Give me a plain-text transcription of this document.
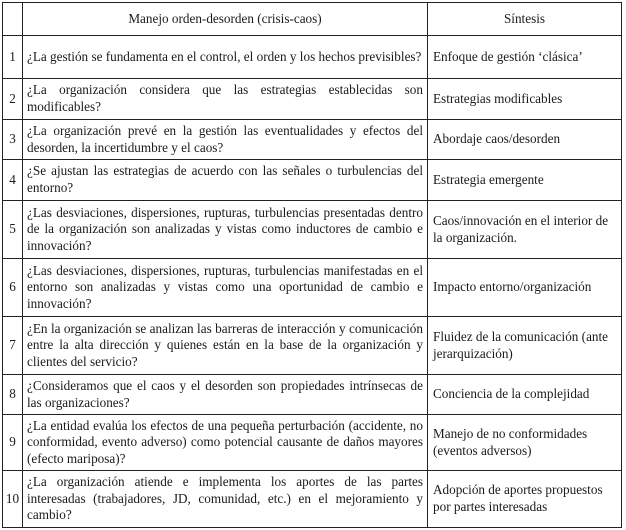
	Manejo orden-desorden (crisis-caos)	Síntesis
1	¿La gestión se fundamenta en el control, el orden y los hechos previsibles?	Enfoque de gestión ‘clásica’
2	¿La organización considera que las estrategias establecidas son modificables?	Estrategias modificables
3	¿La organización prevé en la gestión las eventualidades y efectos del desorden, la incertidumbre y el caos?	Abordaje caos/desorden
4	¿Se ajustan las estrategias de acuerdo con las señales o turbulencias del entorno?	Estrategia emergente
5	¿Las desviaciones, dispersiones, rupturas, turbulencias presentadas dentro de la organización son analizadas y vistas como inductores de cambio e innovación?	Caos/innovación en el interior de la organización.
6	¿Las desviaciones, dispersiones, rupturas, turbulencias manifestadas en el entorno son analizadas y vistas como una oportunidad de cambio e innovación?	Impacto entorno/organización
7	¿En la organización se analizan las barreras de interacción y comunicación entre la alta dirección y quienes están en la base de la organización y clientes del servicio?	Fluidez de la comunicación (ante jerarquización)
8	¿Consideramos que el caos y el desorden son propiedades intrínsecas de las organizaciones?	Conciencia de la complejidad
9	¿La entidad evalúa los efectos de una pequeña perturbación (accidente, no conformidad, evento adverso) como potencial causante de daños mayores (efecto mariposa)?	Manejo de no conformidades (eventos adversos)
10	¿La organización atiende e implementa los aportes de las partes interesadas (trabajadores, JD, comunidad, etc.) en el mejoramiento y cambio?	Adopción de aportes propuestos por partes interesadas
